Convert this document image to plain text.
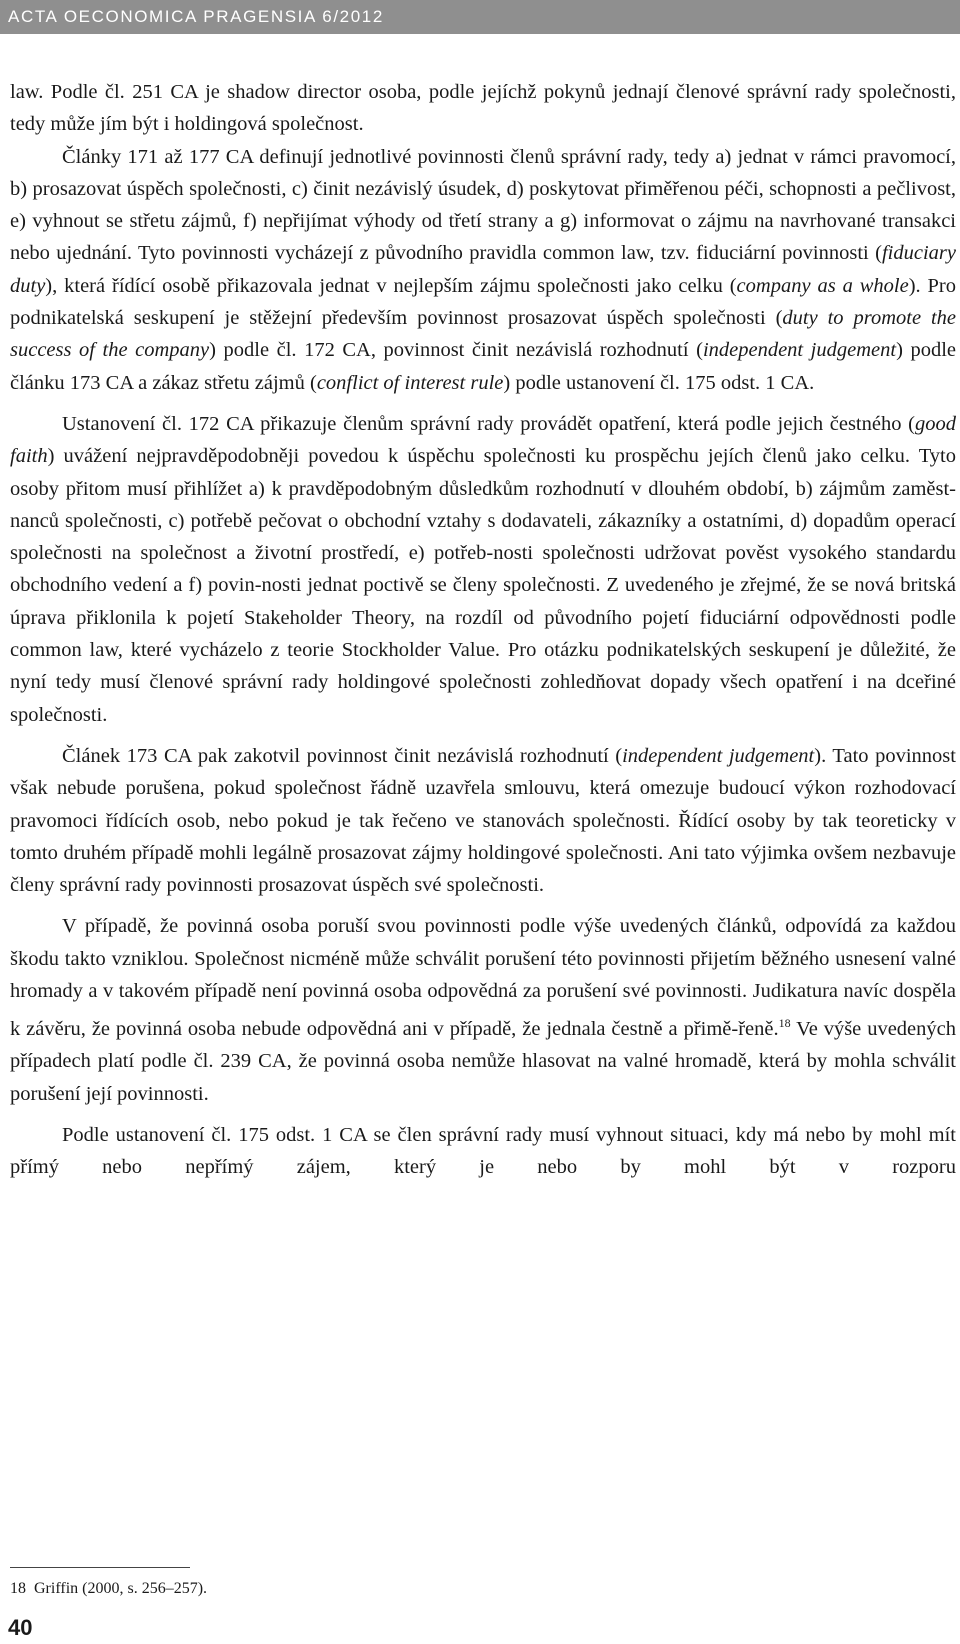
ACTA OECONOMICA PRAGENSIA 6/2012

law. Podle čl. 251 CA je shadow director osoba, podle jejíchž pokynů jednají členové správní rady společnosti, tedy může jím být i holdingová společnost.

Články 171 až 177 CA definují jednotlivé povinnosti členů správní rady, tedy a) jednat v rámci pravomocí, b) prosazovat úspěch společnosti, c) činit nezávislý úsudek, d) poskytovat přiměřenou péči, schopnosti a pečlivost, e) vyhnout se střetu zájmů, f) nepřijímat výhody od třetí strany a g) informovat o zájmu na navrhované transakci nebo ujednání. Tyto povinnosti vycházejí z původního pravidla common law, tzv. fiduciární povinnosti (fiduciary duty), která řídící osobě přikazovala jednat v nejlepším zájmu společnosti jako celku (company as a whole). Pro podnikatelská seskupení je stěžejní především povinnost prosazovat úspěch společnosti (duty to promote the success of the company) podle čl. 172 CA, povinnost činit nezávislá rozhodnutí (independent judgement) podle článku 173 CA a zákaz střetu zájmů (conflict of interest rule) podle ustanovení čl. 175 odst. 1 CA.

Ustanovení čl. 172 CA přikazuje členům správní rady provádět opatření, která podle jejich čestného (good faith) uvážení nejpravděpodobněji povedou k úspěchu společnosti ku prospěchu jejích členů jako celku. Tyto osoby přitom musí přihlížet a) k pravděpodobným důsledkům rozhodnutí v dlouhém období, b) zájmům zaměst-nanců společnosti, c) potřebě pečovat o obchodní vztahy s dodavateli, zákazníky a ostatními, d) dopadům operací společnosti na společnost a životní prostředí, e) potřeb-nosti společnosti udržovat pověst vysokého standardu obchodního vedení a f) povin-nosti jednat poctivě se členy společnosti. Z uvedeného je zřejmé, že se nová britská úprava přiklonila k pojetí Stakeholder Theory, na rozdíl od původního pojetí fiduciární odpovědnosti podle common law, které vycházelo z teorie Stockholder Value. Pro otázku podnikatelských seskupení je důležité, že nyní tedy musí členové správní rady holdingové společnosti zohledňovat dopady všech opatření i na dceřiné společnosti.

Článek 173 CA pak zakotvil povinnost činit nezávislá rozhodnutí (independent judgement). Tato povinnost však nebude porušena, pokud společnost řádně uzavřela smlouvu, která omezuje budoucí výkon rozhodovací pravomoci řídících osob, nebo pokud je tak řečeno ve stanovách společnosti. Řídící osoby by tak teoreticky v tomto druhém případě mohli legálně prosazovat zájmy holdingové společnosti. Ani tato výjimka ovšem nezbavuje členy správní rady povinnosti prosazovat úspěch své společnosti.

V případě, že povinná osoba poruší svou povinnosti podle výše uvedených článků, odpovídá za každou škodu takto vzniklou. Společnost nicméně může schválit porušení této povinnosti přijetím běžného usnesení valné hromady a v takovém případě není povinná osoba odpovědná za porušení své povinnosti. Judikatura navíc dospěla k závěru, že povinná osoba nebude odpovědná ani v případě, že jednala čestně a přimě-řeně.$^{18}$ Ve výše uvedených případech platí podle čl. 239 CA, že povinná osoba nemůže hlasovat na valné hromadě, která by mohla schválit porušení její povinnosti.

Podle ustanovení čl. 175 odst. 1 CA se člen správní rady musí vyhnout situaci, kdy má nebo by mohl mít přímý nebo nepřímý zájem, který je nebo by mohl být v rozporu

18 Griffin (2000, s. 256–257).
40
